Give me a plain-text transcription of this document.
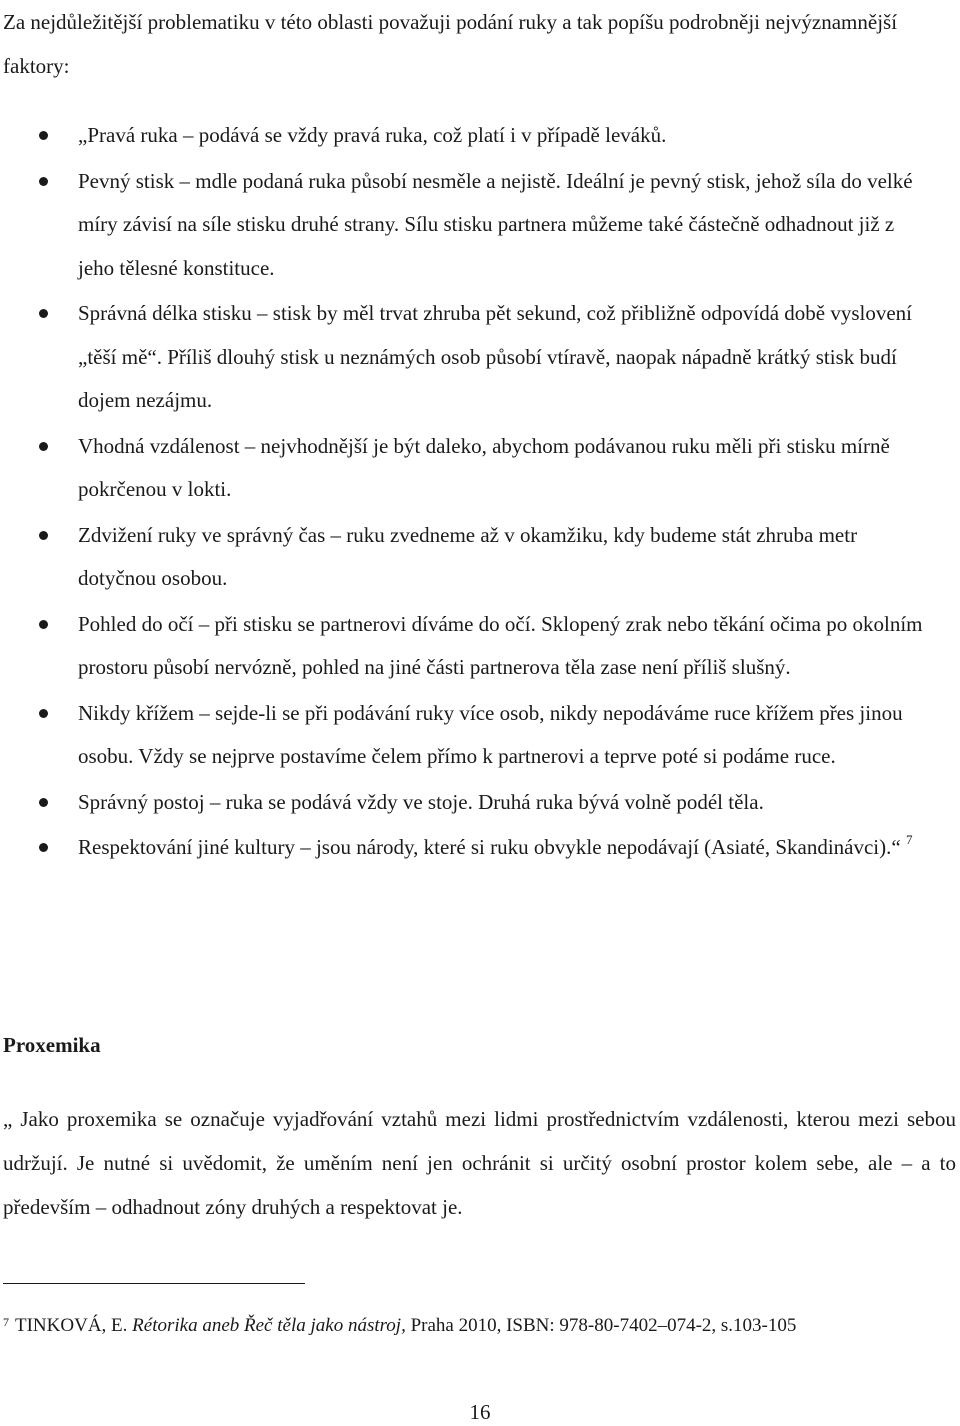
Za nejdůležitější problematiku v této oblasti považuji podání ruky a tak popíšu podrobněji nejvýznamnější faktory:

„Pravá ruka – podává se vždy pravá ruka, což platí i v případě leváků.
Pevný stisk – mdle podaná ruka působí nesměle a nejistě. Ideální je pevný stisk, jehož síla do velké míry závisí na síle stisku druhé strany. Sílu stisku partnera můžeme také částečně odhadnout již z jeho tělesné konstituce.
Správná délka stisku – stisk by měl trvat zhruba pět sekund, což přibližně odpovídá době vyslovení „těší mě“. Příliš dlouhý stisk u neznámých osob působí vtíravě, naopak nápadně krátký stisk budí dojem nezájmu.
Vhodná vzdálenost – nejvhodnější je být daleko, abychom podávanou ruku měli při stisku mírně pokrčenou v lokti.
Zdvižení ruky ve správný čas – ruku zvedneme až v okamžiku, kdy budeme stát zhruba metr dotyčnou osobou.
Pohled do očí – při stisku se partnerovi díváme do očí. Sklopený zrak nebo těkání očima po okolním prostoru působí nervózně, pohled na jiné části partnerova těla zase není příliš slušný.
Nikdy křížem – sejde-li se při podávání ruky více osob, nikdy nepodáváme ruce křížem přes jinou osobu. Vždy se nejprve postavíme čelem přímo k partnerovi a teprve poté si podáme ruce.
Správný postoj – ruka se podává vždy ve stoje. Druhá ruka bývá volně podél těla.
Respektování jiné kultury – jsou národy, které si ruku obvykle nepodávají (Asiaté, Skandinávci).“ $^7$
Proxemika

„ Jako proxemika se označuje vyjadřování vztahů mezi lidmi prostřednictvím vzdálenosti, kterou mezi sebou udržují. Je nutné si uvědomit, že uměním není jen ochránit si určitý osobní prostor kolem sebe, ale – a to především – odhadnout zóny druhých a respektovat je.

$^7$ TINKOVÁ, E. Rétorika aneb Řeč těla jako nástroj, Praha 2010, ISBN: 978-80-7402–074-2, s.103-105

16
